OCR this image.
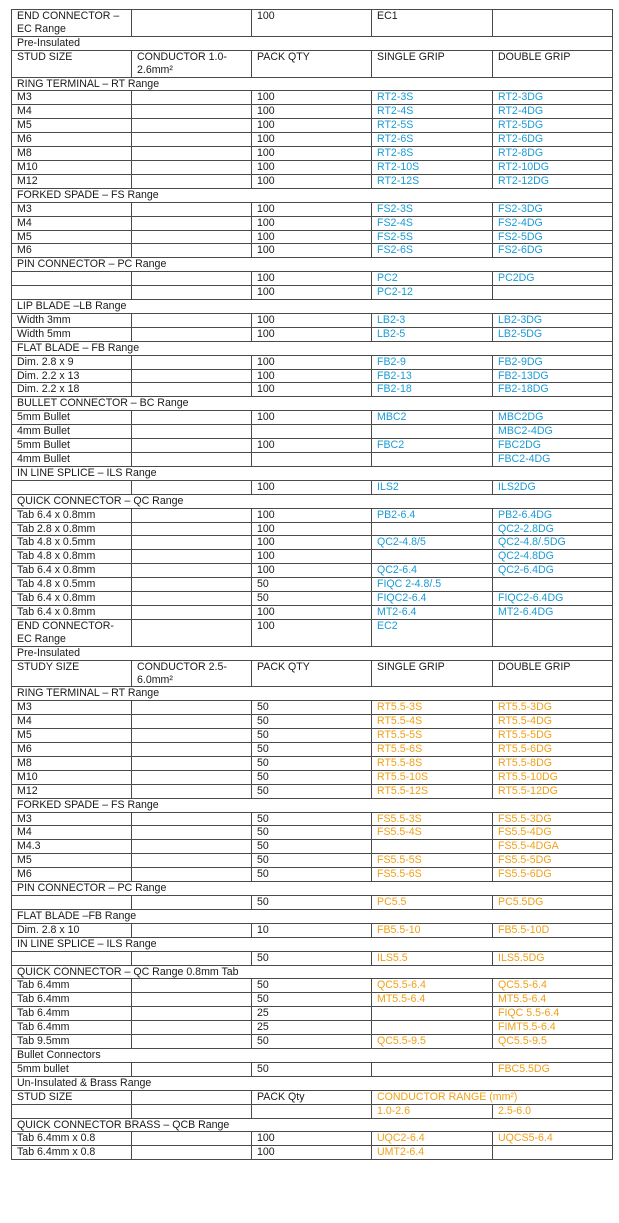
END CONNECTOR –EC Range		100	EC1	
Pre-Insulated				
STUD SIZE	CONDUCTOR 1.0-2.6mm²	PACK QTY	SINGLE GRIP	DOUBLE GRIP
RING TERMINAL – RT Range				
M3		100	RT2-3S	RT2-3DG
M4		100	RT2-4S	RT2-4DG
M5		100	RT2-5S	RT2-5DG
M6		100	RT2-6S	RT2-6DG
M8		100	RT2-8S	RT2-8DG
M10		100	RT2-10S	RT2-10DG
M12		100	RT2-12S	RT2-12DG
FORKED SPADE – FS Range				
M3		100	FS2-3S	FS2-3DG
M4		100	FS2-4S	FS2-4DG
M5		100	FS2-5S	FS2-5DG
M6		100	FS2-6S	FS2-6DG
PIN CONNECTOR – PC Range				
		100	PC2	PC2DG
		100	PC2-12	
LIP BLADE –LB Range				
Width 3mm		100	LB2-3	LB2-3DG
Width 5mm		100	LB2-5	LB2-5DG
FLAT BLADE – FB Range				
Dim. 2.8 x 9		100	FB2-9	FB2-9DG
Dim. 2.2 x 13		100	FB2-13	FB2-13DG
Dim. 2.2 x 18		100	FB2-18	FB2-18DG
BULLET CONNECTOR – BC Range				
5mm Bullet		100	MBC2	MBC2DG
4mm Bullet				MBC2-4DG
5mm Bullet		100	FBC2	FBC2DG
4mm Bullet				FBC2-4DG
IN LINE SPLICE – ILS Range				
		100	ILS2	ILS2DG
QUICK CONNECTOR – QC Range				
Tab 6.4 x 0.8mm		100	PB2-6.4	PB2-6.4DG
Tab 2.8 x 0.8mm		100		QC2-2.8DG
Tab 4.8 x 0.5mm		100	QC2-4.8/5	QC2-4.8/.5DG
Tab 4.8 x 0.8mm		100		QC2-4.8DG
Tab 6.4 x 0.8mm		100	QC2-6.4	QC2-6.4DG
Tab 4.8 x 0.5mm		50	FIQC 2-4.8/.5	
Tab 6.4 x 0.8mm		50	FIQC2-6.4	FIQC2-6.4DG
Tab 6.4 x 0.8mm		100	MT2-6.4	MT2-6.4DG
END CONNECTOR-EC Range		100	EC2	
Pre-Insulated				
STUDY SIZE	CONDUCTOR 2.5-6.0mm²	PACK QTY	SINGLE GRIP	DOUBLE GRIP
RING TERMINAL – RT Range				
M3		50	RT5.5-3S	RT5.5-3DG
M4		50	RT5.5-4S	RT5.5-4DG
M5		50	RT5.5-5S	RT5.5-5DG
M6		50	RT5.5-6S	RT5.5-6DG
M8		50	RT5.5-8S	RT5.5-8DG
M10		50	RT5.5-10S	RT5.5-10DG
M12		50	RT5.5-12S	RT5.5-12DG
FORKED SPADE – FS Range				
M3		50	FS5.5-3S	FS5.5-3DG
M4		50	FS5.5-4S	FS5.5-4DG
M4.3		50		FS5.5-4DGA
M5		50	FS5.5-5S	FS5.5-5DG
M6		50	FS5.5-6S	FS5.5-6DG
PIN CONNECTOR – PC Range				
		50	PC5.5	PC5.5DG
FLAT BLADE –FB Range				
Dim. 2.8 x 10		10	FB5.5-10	FB5.5-10D
IN LINE SPLICE – ILS Range				
		50	ILS5.5	ILS5.5DG
QUICK CONNECTOR – QC Range 0.8mm Tab				
Tab 6.4mm		50	QC5.5-6.4	QC5.5-6.4
Tab 6.4mm		50	MT5.5-6.4	MT5.5-6.4
Tab 6.4mm		25		FIQC 5.5-6.4
Tab 6.4mm		25		FIMT5.5-6.4
Tab 9.5mm		50	QC5.5-9.5	QC5.5-9.5
Bullet Connectors				
5mm bullet		50		FBC5.5DG
Un-Insulated & Brass Range				
STUD SIZE		PACK Qty	CONDUCTOR RANGE (mm²)	
			1.0-2.6	2.5-6.0
QUICK CONNECTOR BRASS – QCB Range				
Tab 6.4mm x 0.8		100	UQC2-6.4	UQCS5-6.4
Tab 6.4mm x 0.8		100	UMT2-6.4	
